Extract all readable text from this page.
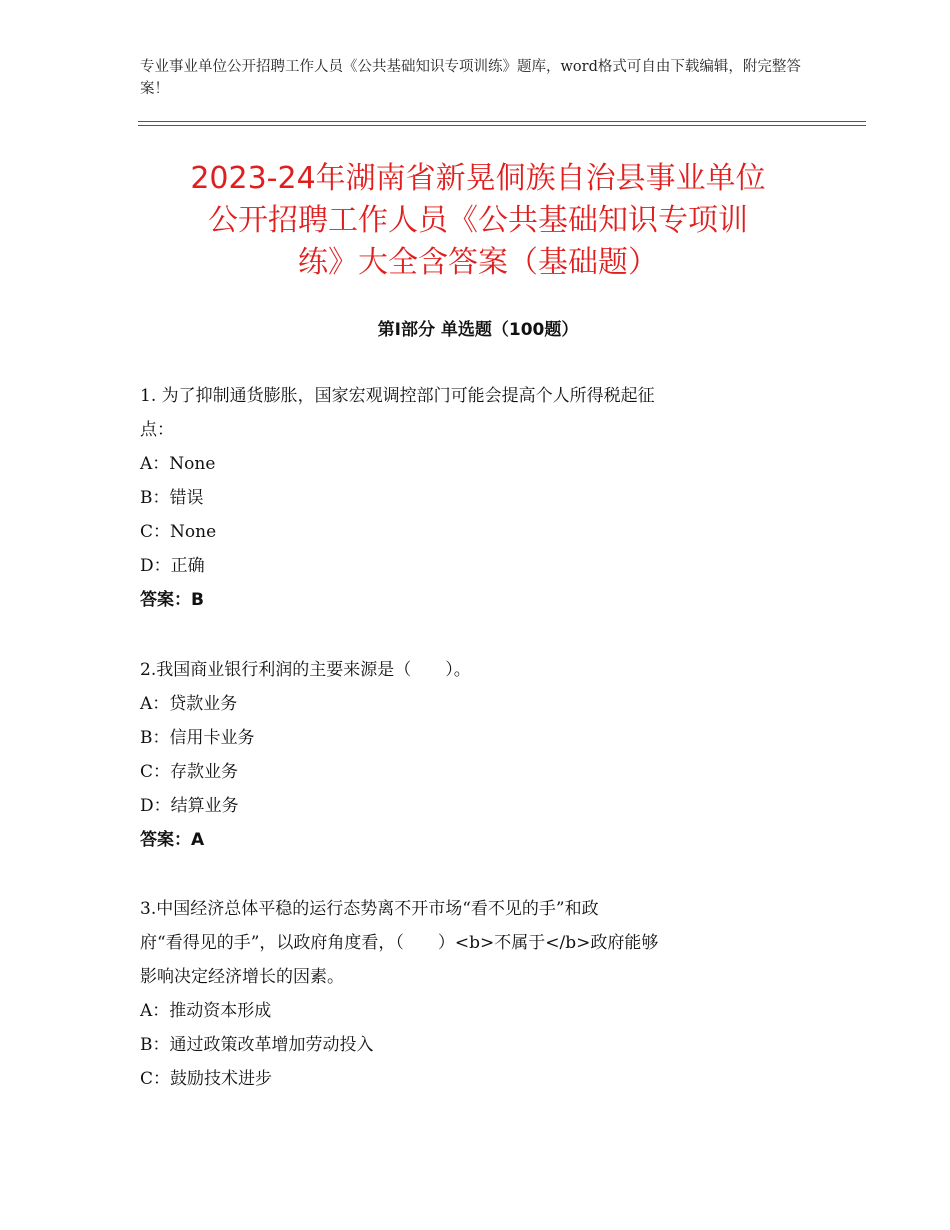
专业事业单位公开招聘工作人员《公共基础知识专项训练》题库，word格式可自由下载编辑，附完整答案！
2023-24年湖南省新晃侗族自治县事业单位
公开招聘工作人员《公共基础知识专项训
练》大全含答案（基础题）
第Ⅰ部分 单选题（100题）
1. 为了抑制通货膨胀，国家宏观调控部门可能会提高个人所得税起征
点：
A：None
B：错误
C：None
D：正确
答案：B
2.我国商业银行利润的主要来源是（　　）。
A：贷款业务
B：信用卡业务
C：存款业务
D：结算业务
答案：A
3.中国经济总体平稳的运行态势离不开市场“看不见的手”和政
府“看得见的手”，以政府角度看，（　　）<b>不属于</b>政府能够
影响决定经济增长的因素。
A：推动资本形成
B：通过政策改革增加劳动投入
C：鼓励技术进步
